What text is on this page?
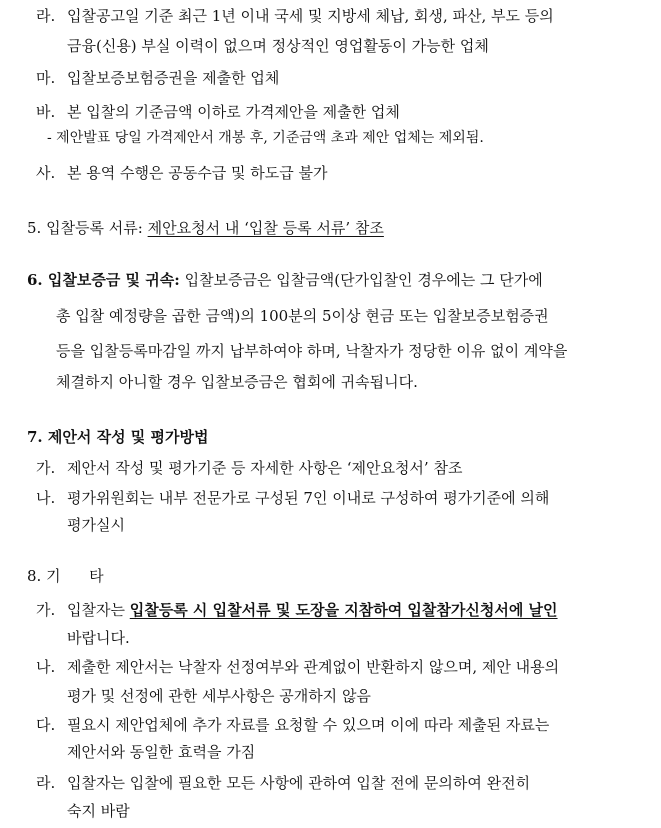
라. 입찰공고일 기준 최근 1년 이내 국세 및 지방세 체납, 회생, 파산, 부도 등의
금융(신용) 부실 이력이 없으며 정상적인 영업활동이 가능한 업체
마. 입찰보증보험증권을 제출한 업체
바. 본 입찰의 기준금액 이하로 가격제안을 제출한 업체
- 제안발표 당일 가격제안서 개봉 후, 기준금액 초과 제안 업체는 제외됨.
사. 본 용역 수행은 공동수급 및 하도급 불가
5. 입찰등록 서류: 제안요청서 내 ‘입찰 등록 서류’ 참조
6. 입찰보증금 및 귀속: 입찰보증금은 입찰금액(단가입찰인 경우에는 그 단가에
총 입찰 예정량을 곱한 금액)의 100분의 5이상 현금 또는 입찰보증보험증권
등을 입찰등록마감일 까지 납부하여야 하며, 낙찰자가 정당한 이유 없이 계약을
체결하지 아니할 경우 입찰보증금은 협회에 귀속됩니다.
7. 제안서 작성 및 평가방법
가. 제안서 작성 및 평가기준 등 자세한 사항은 ‘제안요청서’ 참조
나. 평가위원회는 내부 전문가로 구성된 7인 이내로 구성하여 평가기준에 의해
평가실시
8. 기      타
가. 입찰자는 입찰등록 시 입찰서류 및 도장을 지참하여 입찰참가신청서에 날인
바랍니다.
나. 제출한 제안서는 낙찰자 선정여부와 관계없이 반환하지 않으며, 제안 내용의
평가 및 선정에 관한 세부사항은 공개하지 않음
다. 필요시 제안업체에 추가 자료를 요청할 수 있으며 이에 따라 제출된 자료는
제안서와 동일한 효력을 가짐
라. 입찰자는 입찰에 필요한 모든 사항에 관하여 입찰 전에 문의하여 완전히
숙지 바람
